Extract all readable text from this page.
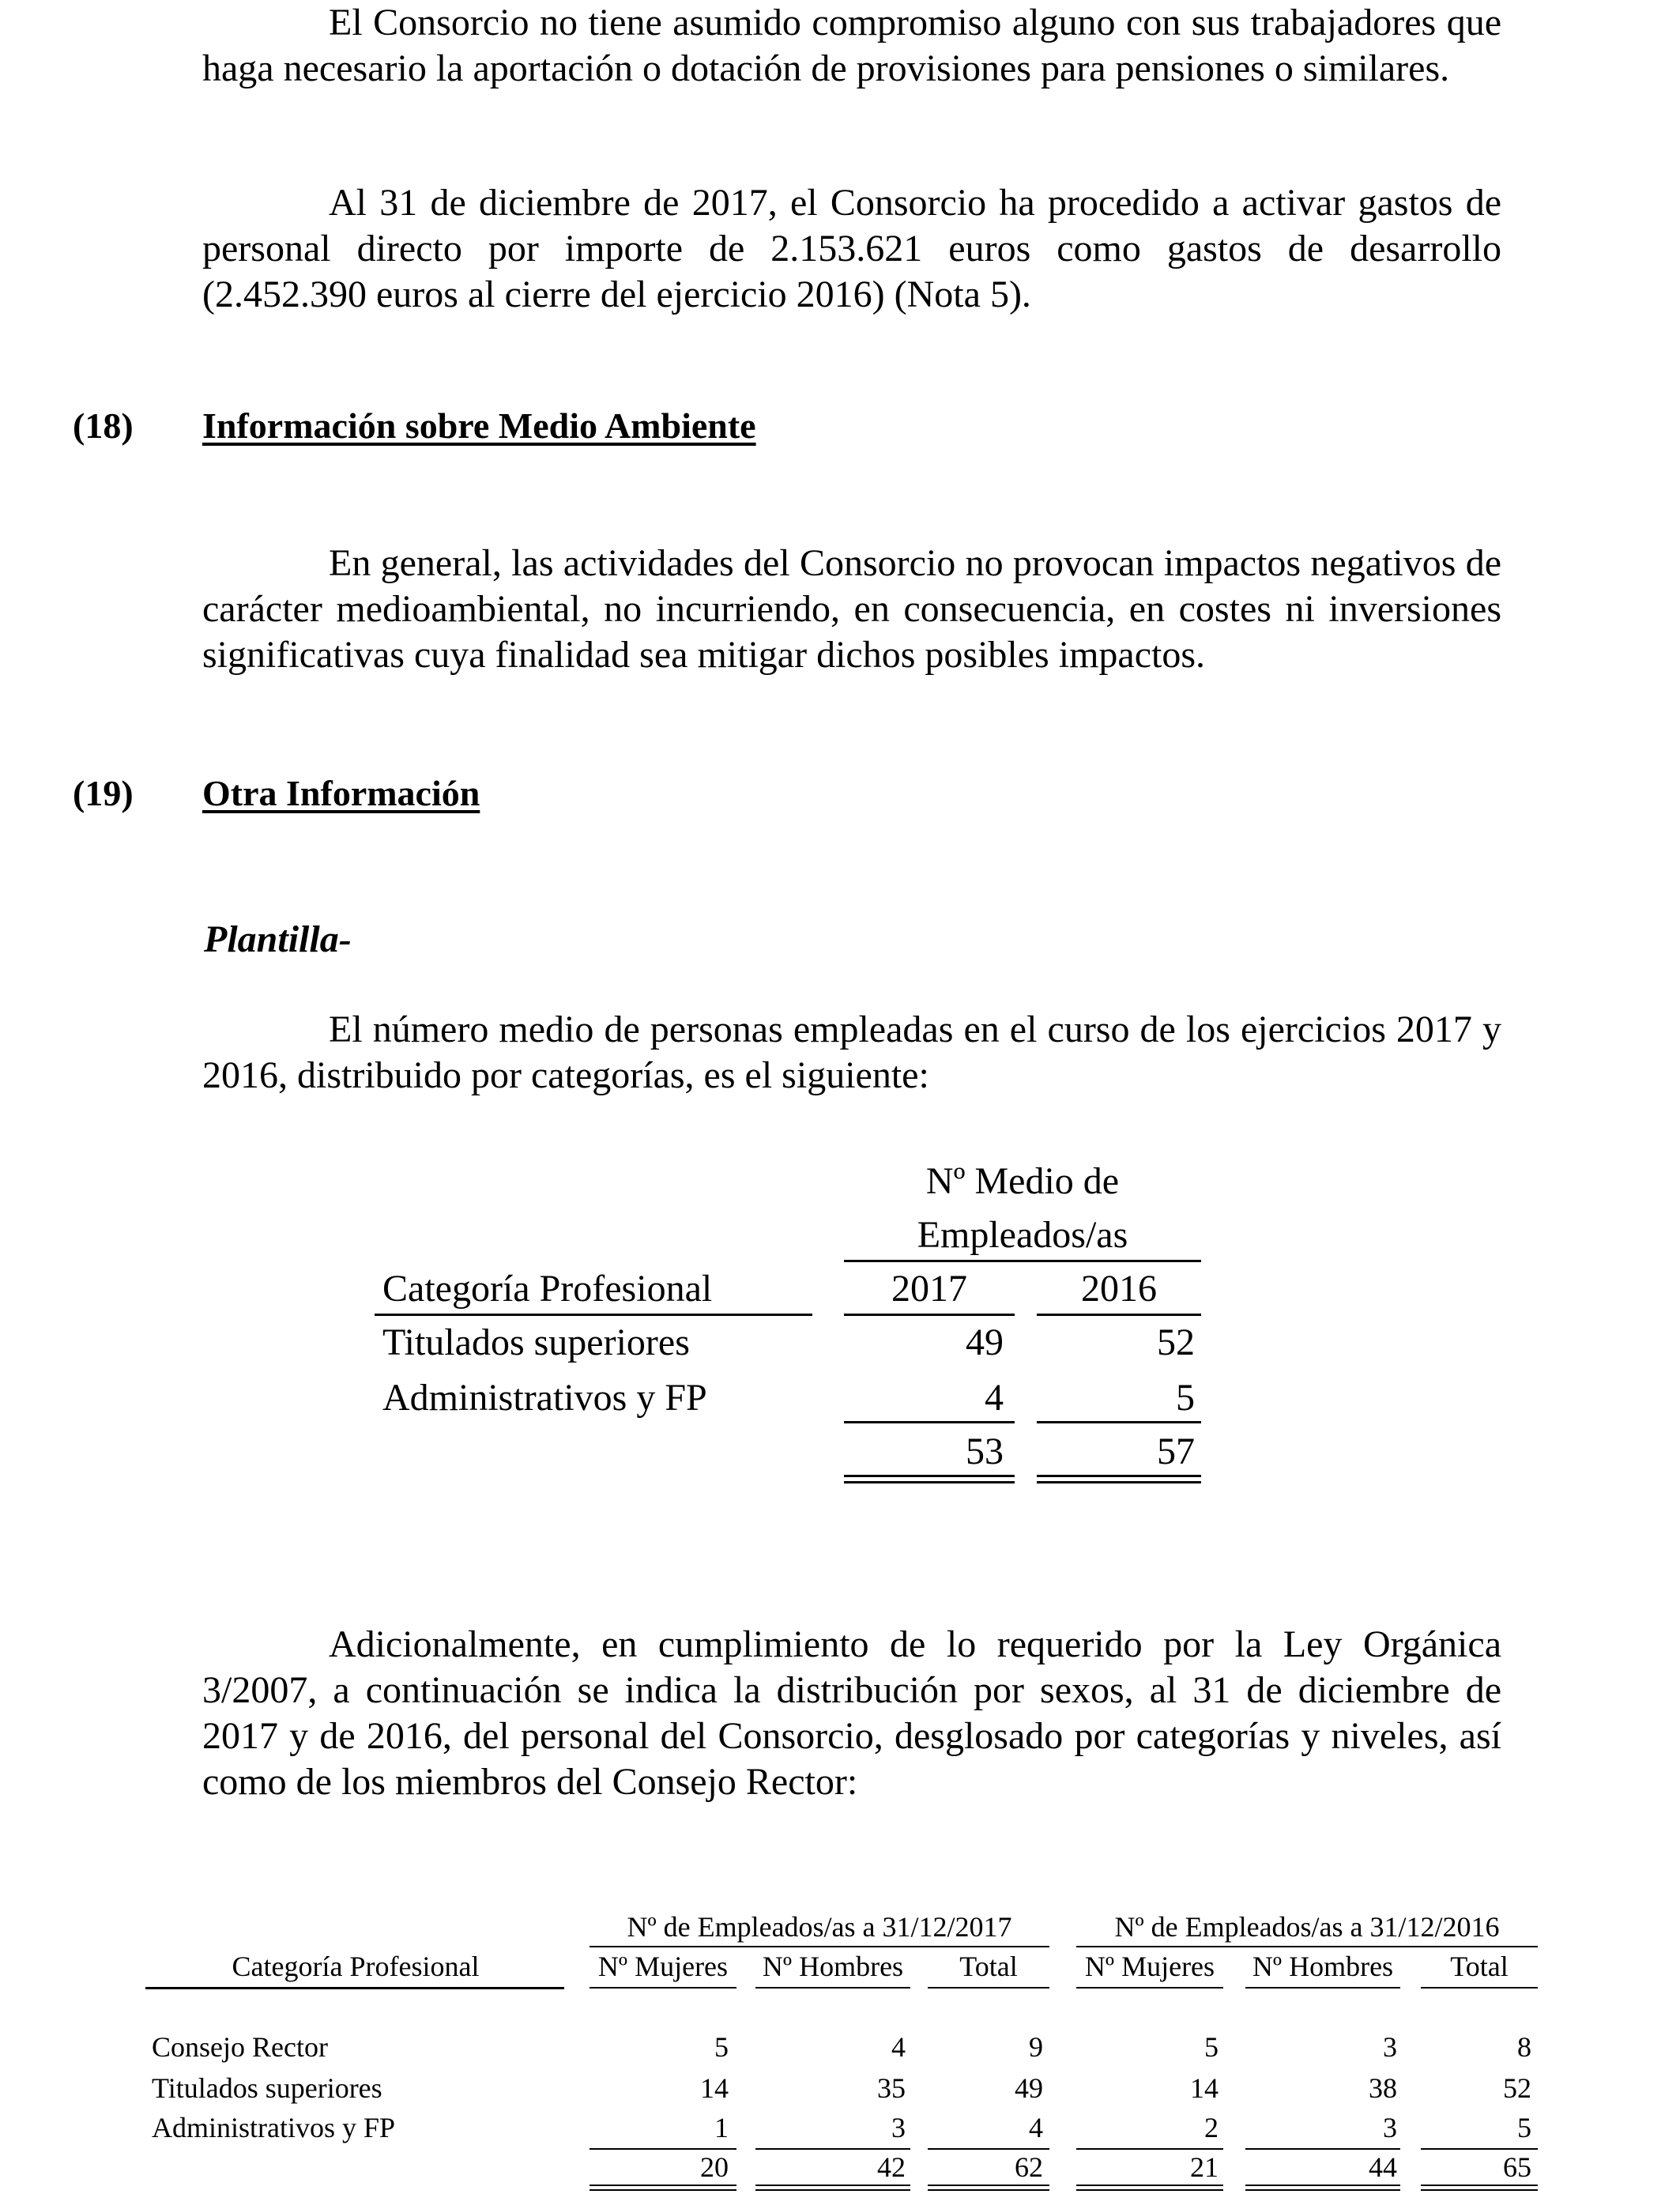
El Consorcio no tiene asumido compromiso alguno con sus trabajadores que haga necesario la aportación o dotación de provisiones para pensiones o similares.

Al 31 de diciembre de 2017, el Consorcio ha procedido a activar gastos de personal directo por importe de 2.153.621 euros como gastos de desarrollo (2.452.390 euros al cierre del ejercicio 2016) (Nota 5).

(18) Información sobre Medio Ambiente

En general, las actividades del Consorcio no provocan impactos negativos de carácter medioambiental, no incurriendo, en consecuencia, en costes ni inversiones significativas cuya finalidad sea mitigar dichos posibles impactos.

(19) Otra Información
Plantilla-

El número medio de personas empleadas en el curso de los ejercicios 2017 y 2016, distribuido por categorías, es el siguiente:

Nº Medio de
Empleados/as
Categoría Profesional	2017	2016
Titulados superiores	49	52
Administrativos y FP	4	5
53	57

Adicionalmente, en cumplimiento de lo requerido por la Ley Orgánica 3/2007, a continuación se indica la distribución por sexos, al 31 de diciembre de 2017 y de 2016, del personal del Consorcio, desglosado por categorías y niveles, así como de los miembros del Consejo Rector:

Nº de Empleados/as a 31/12/2017	Nº de Empleados/as a 31/12/2016
Categoría Profesional	Nº Mujeres	Nº Hombres	Total	Nº Mujeres	Nº Hombres	Total
Consejo Rector	5	4	9	5	3	8
Titulados superiores	14	35	49	14	38	52
Administrativos y FP	1	3	4	2	3	5
20	42	62	21	44	65
